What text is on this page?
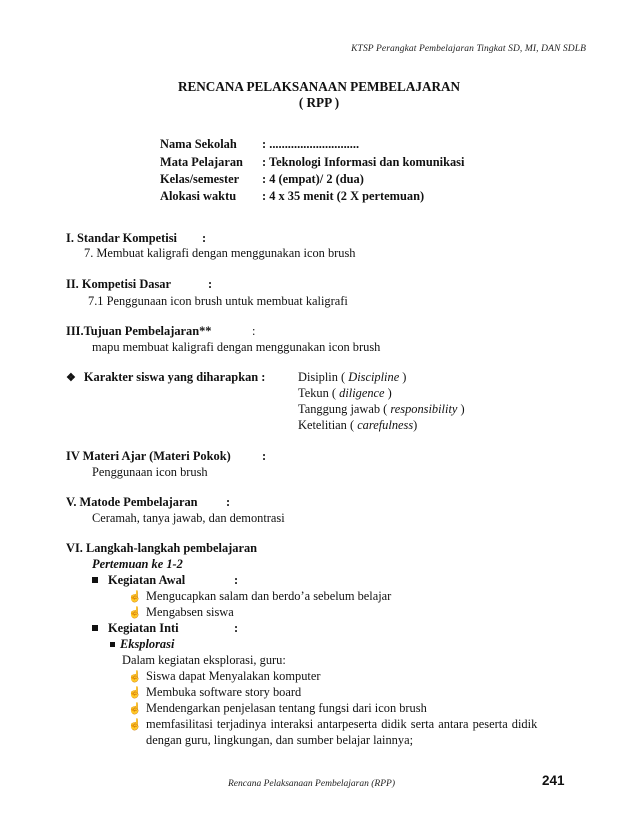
KTSP Perangkat Pembelajaran Tingkat SD, MI, DAN SDLB
RENCANA PELAKSANAAN PEMBELAJARAN
( RPP )
Nama Sekolah : .............................
Mata Pelajaran : Teknologi Informasi dan komunikasi
Kelas/semester : 4 (empat)/ 2 (dua)
Alokasi waktu : 4 x 35 menit (2 X pertemuan)
I. Standar Kompetisi :
7. Membuat kaligrafi dengan menggunakan icon brush
II. Kompetisi Dasar	:
7.1 Penggunaan icon brush untuk membuat kaligrafi
III.Tujuan Pembelajaran**	:
mapu membuat kaligrafi dengan menggunakan icon brush
❖ Karakter siswa yang diharapkan :	Disiplin ( Discipline )
Tekun ( diligence )
Tanggung jawab ( responsibility )
Ketelitian ( carefulness)
IV Materi Ajar (Materi Pokok)	:
Penggunaan icon brush
V. Matode Pembelajaran :
Ceramah, tanya jawab, dan demontrasi
VI. Langkah-langkah pembelajaran
Pertemuan ke 1-2
Kegiatan Awal	:
☝ Mengucapkan salam dan berdo’a sebelum belajar
☝ Mengabsen siswa
Kegiatan Inti	:
Eksplorasi
Dalam kegiatan eksplorasi, guru:
☝ Siswa dapat Menyalakan komputer
☝ Membuka software story board
☝ Mendengarkan penjelasan tentang fungsi dari icon brush
☝ memfasilitasi terjadinya interaksi antarpeserta didik serta antara peserta didik
dengan guru, lingkungan, dan sumber belajar lainnya;
Rencana Pelaksanaan Pembelajaran (RPP)	241
